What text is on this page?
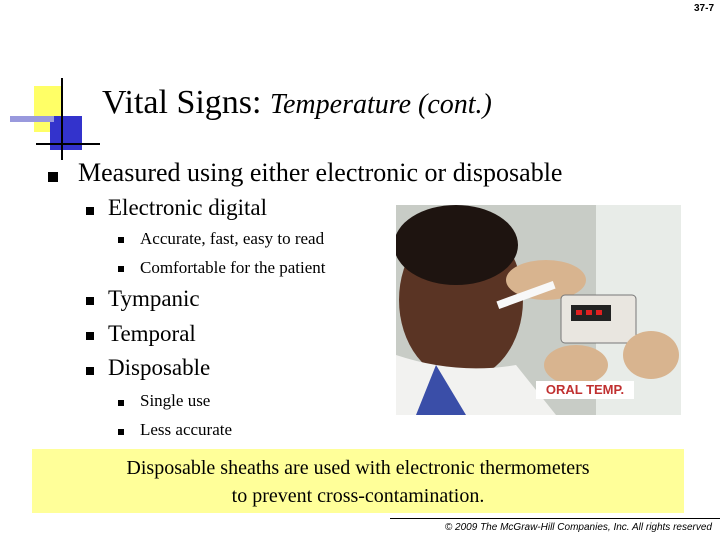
37-7
Vital Signs: Temperature (cont.)
Measured using either electronic or disposable
Electronic digital
Accurate, fast, easy to read
Comfortable for the patient
Tympanic
Temporal
Disposable
Single use
Less accurate
ORAL TEMP.
Disposable sheaths are used with electronic thermometers
to prevent cross-contamination.
© 2009 The McGraw-Hill Companies, Inc. All rights reserved
